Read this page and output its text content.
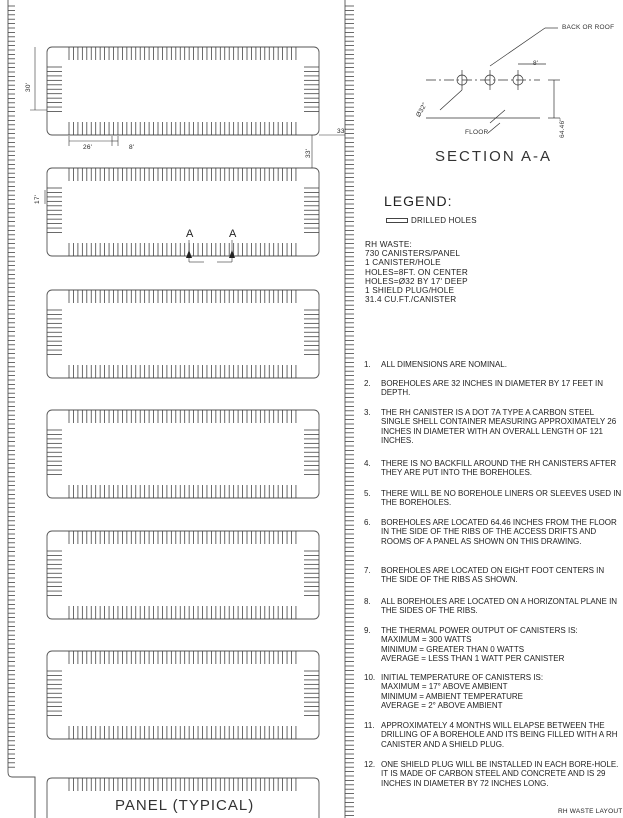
BACK OR ROOF
8'
Ø32"
FLOOR	64.46"
SECTION A-A
30'
33'
26'	8'
33'
17'
A	A
PANEL (TYPICAL)
LEGEND:
DRILLED HOLES
RH WASTE:
730 CANISTERS/PANEL
1 CANISTER/HOLE
HOLES=8FT. ON CENTER
HOLES=Ø32 BY 17' DEEP
1 SHIELD PLUG/HOLE
31.4 CU.FT./CANISTER
1. ALL DIMENSIONS ARE NOMINAL.
2. BOREHOLES ARE 32 INCHES IN DIAMETER BY 17 FEET IN DEPTH.
3. THE RH CANISTER IS A DOT 7A TYPE A CARBON STEEL SINGLE SHELL CONTAINER MEASURING APPROXIMATELY 26 INCHES IN DIAMETER WITH AN OVERALL LENGTH OF 121 INCHES.
4. THERE IS NO BACKFILL AROUND THE RH CANISTERS AFTER THEY ARE PUT INTO THE BOREHOLES.
5. THERE WILL BE NO BOREHOLE LINERS OR SLEEVES USED IN THE BOREHOLES.
6. BOREHOLES ARE LOCATED 64.46 INCHES FROM THE FLOOR IN THE SIDE OF THE RIBS OF THE ACCESS DRIFTS AND ROOMS OF A PANEL AS SHOWN ON THIS DRAWING.
7. BOREHOLES ARE LOCATED ON EIGHT FOOT CENTERS IN THE SIDE OF THE RIBS AS SHOWN.
8. ALL BOREHOLES ARE LOCATED ON A HORIZONTAL PLANE IN THE SIDES OF THE RIBS.
9. THE THERMAL POWER OUTPUT OF CANISTERS IS:
MAXIMUM = 300 WATTS
MINIMUM = GREATER THAN 0 WATTS
AVERAGE = LESS THAN 1 WATT PER CANISTER
10. INITIAL TEMPERATURE OF CANISTERS IS:
MAXIMUM = 17° ABOVE AMBIENT
MINIMUM = AMBIENT TEMPERATURE
AVERAGE = 2° ABOVE AMBIENT
11. APPROXIMATELY 4 MONTHS WILL ELAPSE BETWEEN THE DRILLING OF A BOREHOLE AND ITS BEING FILLED WITH A RH CANISTER AND A SHIELD PLUG.
12. ONE SHIELD PLUG WILL BE INSTALLED IN EACH BORE-HOLE. IT IS MADE OF CARBON STEEL AND CONCRETE AND IS 29 INCHES IN DIAMETER BY 72 INCHES LONG.
RH WASTE LAYOUT
